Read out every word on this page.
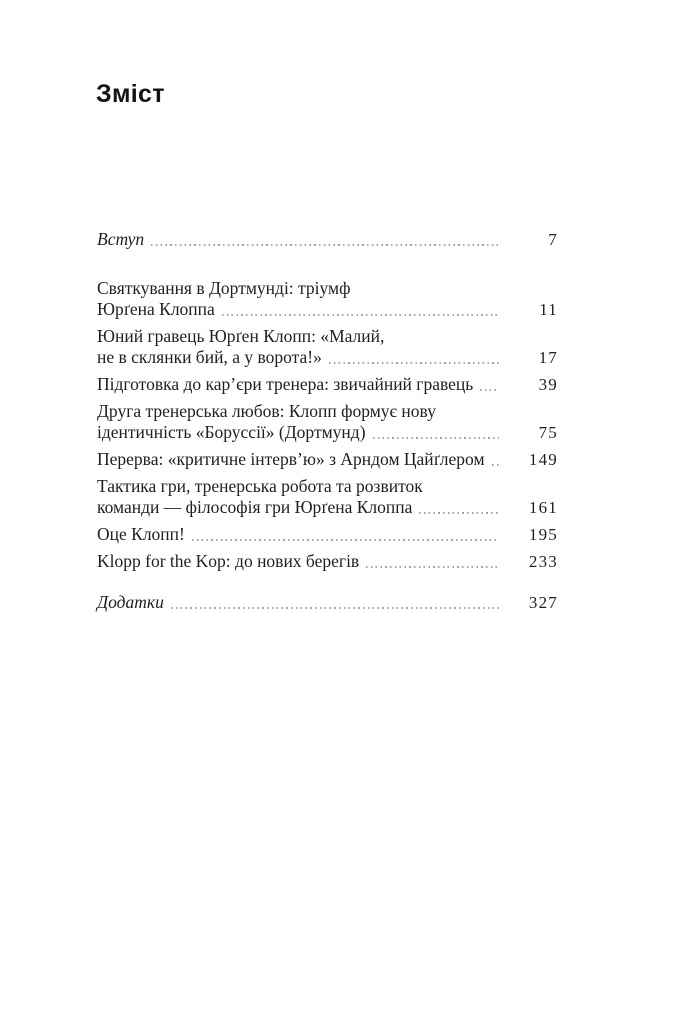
Зміст
Вступ	7
Святкування в Дортмунді: тріумф
Юрґена Клоппа	11
Юний гравець Юрґен Клопп: «Малий,
не в склянки бий, а у ворота!»	17
Підготовка до кар’єри тренера: звичайний гравець	39
Друга тренерська любов: Клопп формує нову
ідентичність «Боруссії» (Дортмунд)	75
Перерва: «критичне інтерв’ю» з Арндом Цайґлером	149
Тактика гри, тренерська робота та розвиток
команди — філософія гри Юрґена Клоппа	161
Оце Клопп!	195
Klopp for the Kop: до нових берегів	233
Додатки	327
